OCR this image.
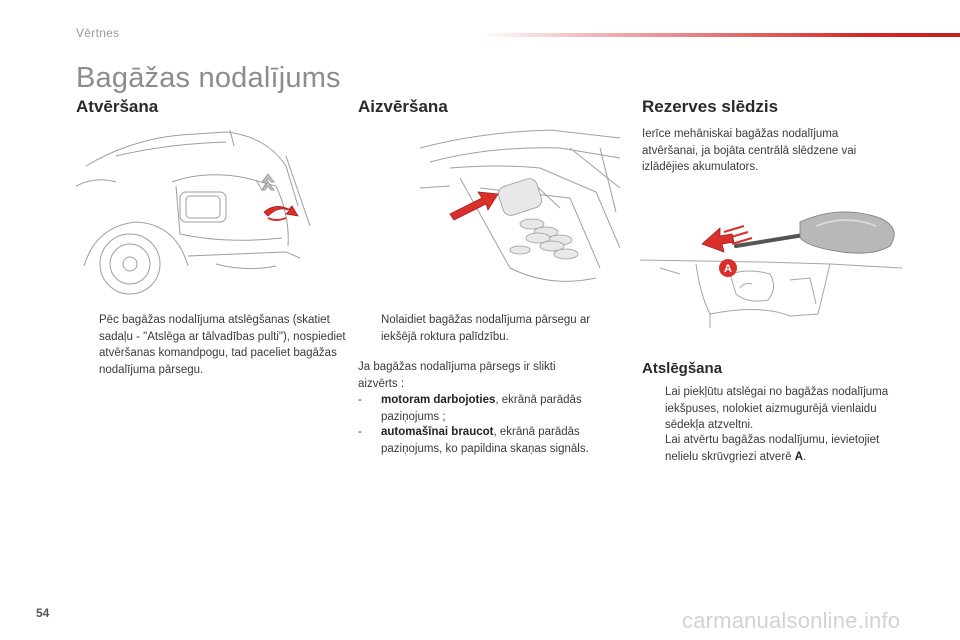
Vērtnes
Bagāžas nodalījums
Atvēršana
Pēc bagāžas nodalījuma atslēgšanas (skatiet sadaļu - "Atslēga ar tālvadības pulti"), nospiediet atvēršanas komandpogu, tad paceliet bagāžas nodalījuma pārsegu.
Aizvēršana
Nolaidiet bagāžas nodalījuma pārsegu ar iekšējā roktura palīdzību.
Ja bagāžas nodalījuma pārsegs ir slikti aizvērts :
-	motoram darbojoties, ekrānā parādās paziņojums ;
-	automašīnai braucot, ekrānā parādās paziņojums, ko papildina skaņas signāls.
Rezerves slēdzis
Ierīce mehāniskai bagāžas nodalījuma atvēršanai, ja bojāta centrālā slēdzene vai izlādējies akumulators.
A
Atslēgšana
Lai piekļūtu atslēgai no bagāžas nodalījuma iekšpuses, nolokiet aizmugurējā vienlaidu sēdekļa atzveltni.
Lai atvērtu bagāžas nodalījumu, ievietojiet nelielu skrūvgriezi atverē A.
54	carmanualsonline.info
